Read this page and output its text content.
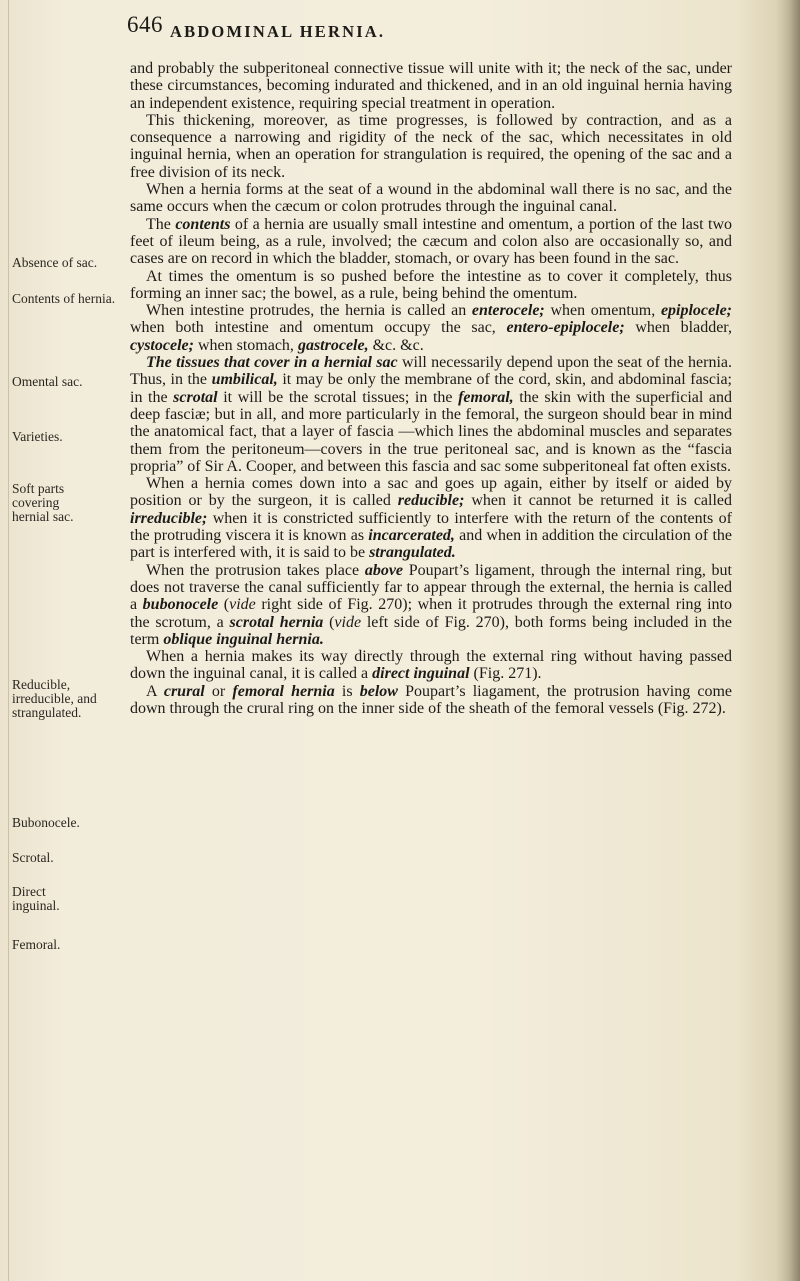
646 ABDOMINAL HERNIA.
Absence of sac.
Contents of hernia.
Omental sac.
Varieties.
Soft parts covering hernial sac.
Reducible, irreducible, and strangulated.
Bubonocele.
Scrotal.
Direct inguinal.
Femoral.

and probably the subperitoneal connective tissue will unite with it; the neck of the sac, under these circumstances, becoming indurated and thickened, and in an old inguinal hernia having an independent existence, requiring special treatment in operation.

This thickening, moreover, as time progresses, is followed by contraction, and as a consequence a narrowing and rigidity of the neck of the sac, which necessitates in old inguinal hernia, when an operation for strangulation is required, the opening of the sac and a free division of its neck.

When a hernia forms at the seat of a wound in the abdominal wall there is no sac, and the same occurs when the cæcum or colon protrudes through the inguinal canal.

The contents of a hernia are usually small intestine and omentum, a portion of the last two feet of ileum being, as a rule, involved; the cæcum and colon also are occasionally so, and cases are on record in which the bladder, stomach, or ovary has been found in the sac.

At times the omentum is so pushed before the intestine as to cover it completely, thus forming an inner sac; the bowel, as a rule, being behind the omentum.

When intestine protrudes, the hernia is called an enterocele; when omentum, epiplocele; when both intestine and omentum occupy the sac, entero-epiplocele; when bladder, cystocele; when stomach, gastrocele, &c. &c.

The tissues that cover in a hernial sac will necessarily depend upon the seat of the hernia. Thus, in the umbilical, it may be only the membrane of the cord, skin, and abdominal fascia; in the scrotal it will be the scrotal tissues; in the femoral, the skin with the superficial and deep fasciæ; but in all, and more particularly in the femoral, the surgeon should bear in mind the anatomical fact, that a layer of fascia —which lines the abdominal muscles and separates them from the peritoneum—covers in the true peritoneal sac, and is known as the “fascia propria” of Sir A. Cooper, and between this fascia and sac some subperitoneal fat often exists.

When a hernia comes down into a sac and goes up again, either by itself or aided by position or by the surgeon, it is called reducible; when it cannot be returned it is called irreducible; when it is constricted sufficiently to interfere with the return of the contents of the protruding viscera it is known as incarcerated, and when in addition the circulation of the part is interfered with, it is said to be strangulated.

When the protrusion takes place above Poupart’s ligament, through the internal ring, but does not traverse the canal sufficiently far to appear through the external, the hernia is called a bubonocele (vide right side of Fig. 270); when it protrudes through the external ring into the scrotum, a scrotal hernia (vide left side of Fig. 270), both forms being included in the term oblique inguinal hernia.

When a hernia makes its way directly through the external ring without having passed down the inguinal canal, it is called a direct inguinal (Fig. 271).

A crural or femoral hernia is below Poupart’s liagament, the protrusion having come down through the crural ring on the inner side of the sheath of the femoral vessels (Fig. 272).
